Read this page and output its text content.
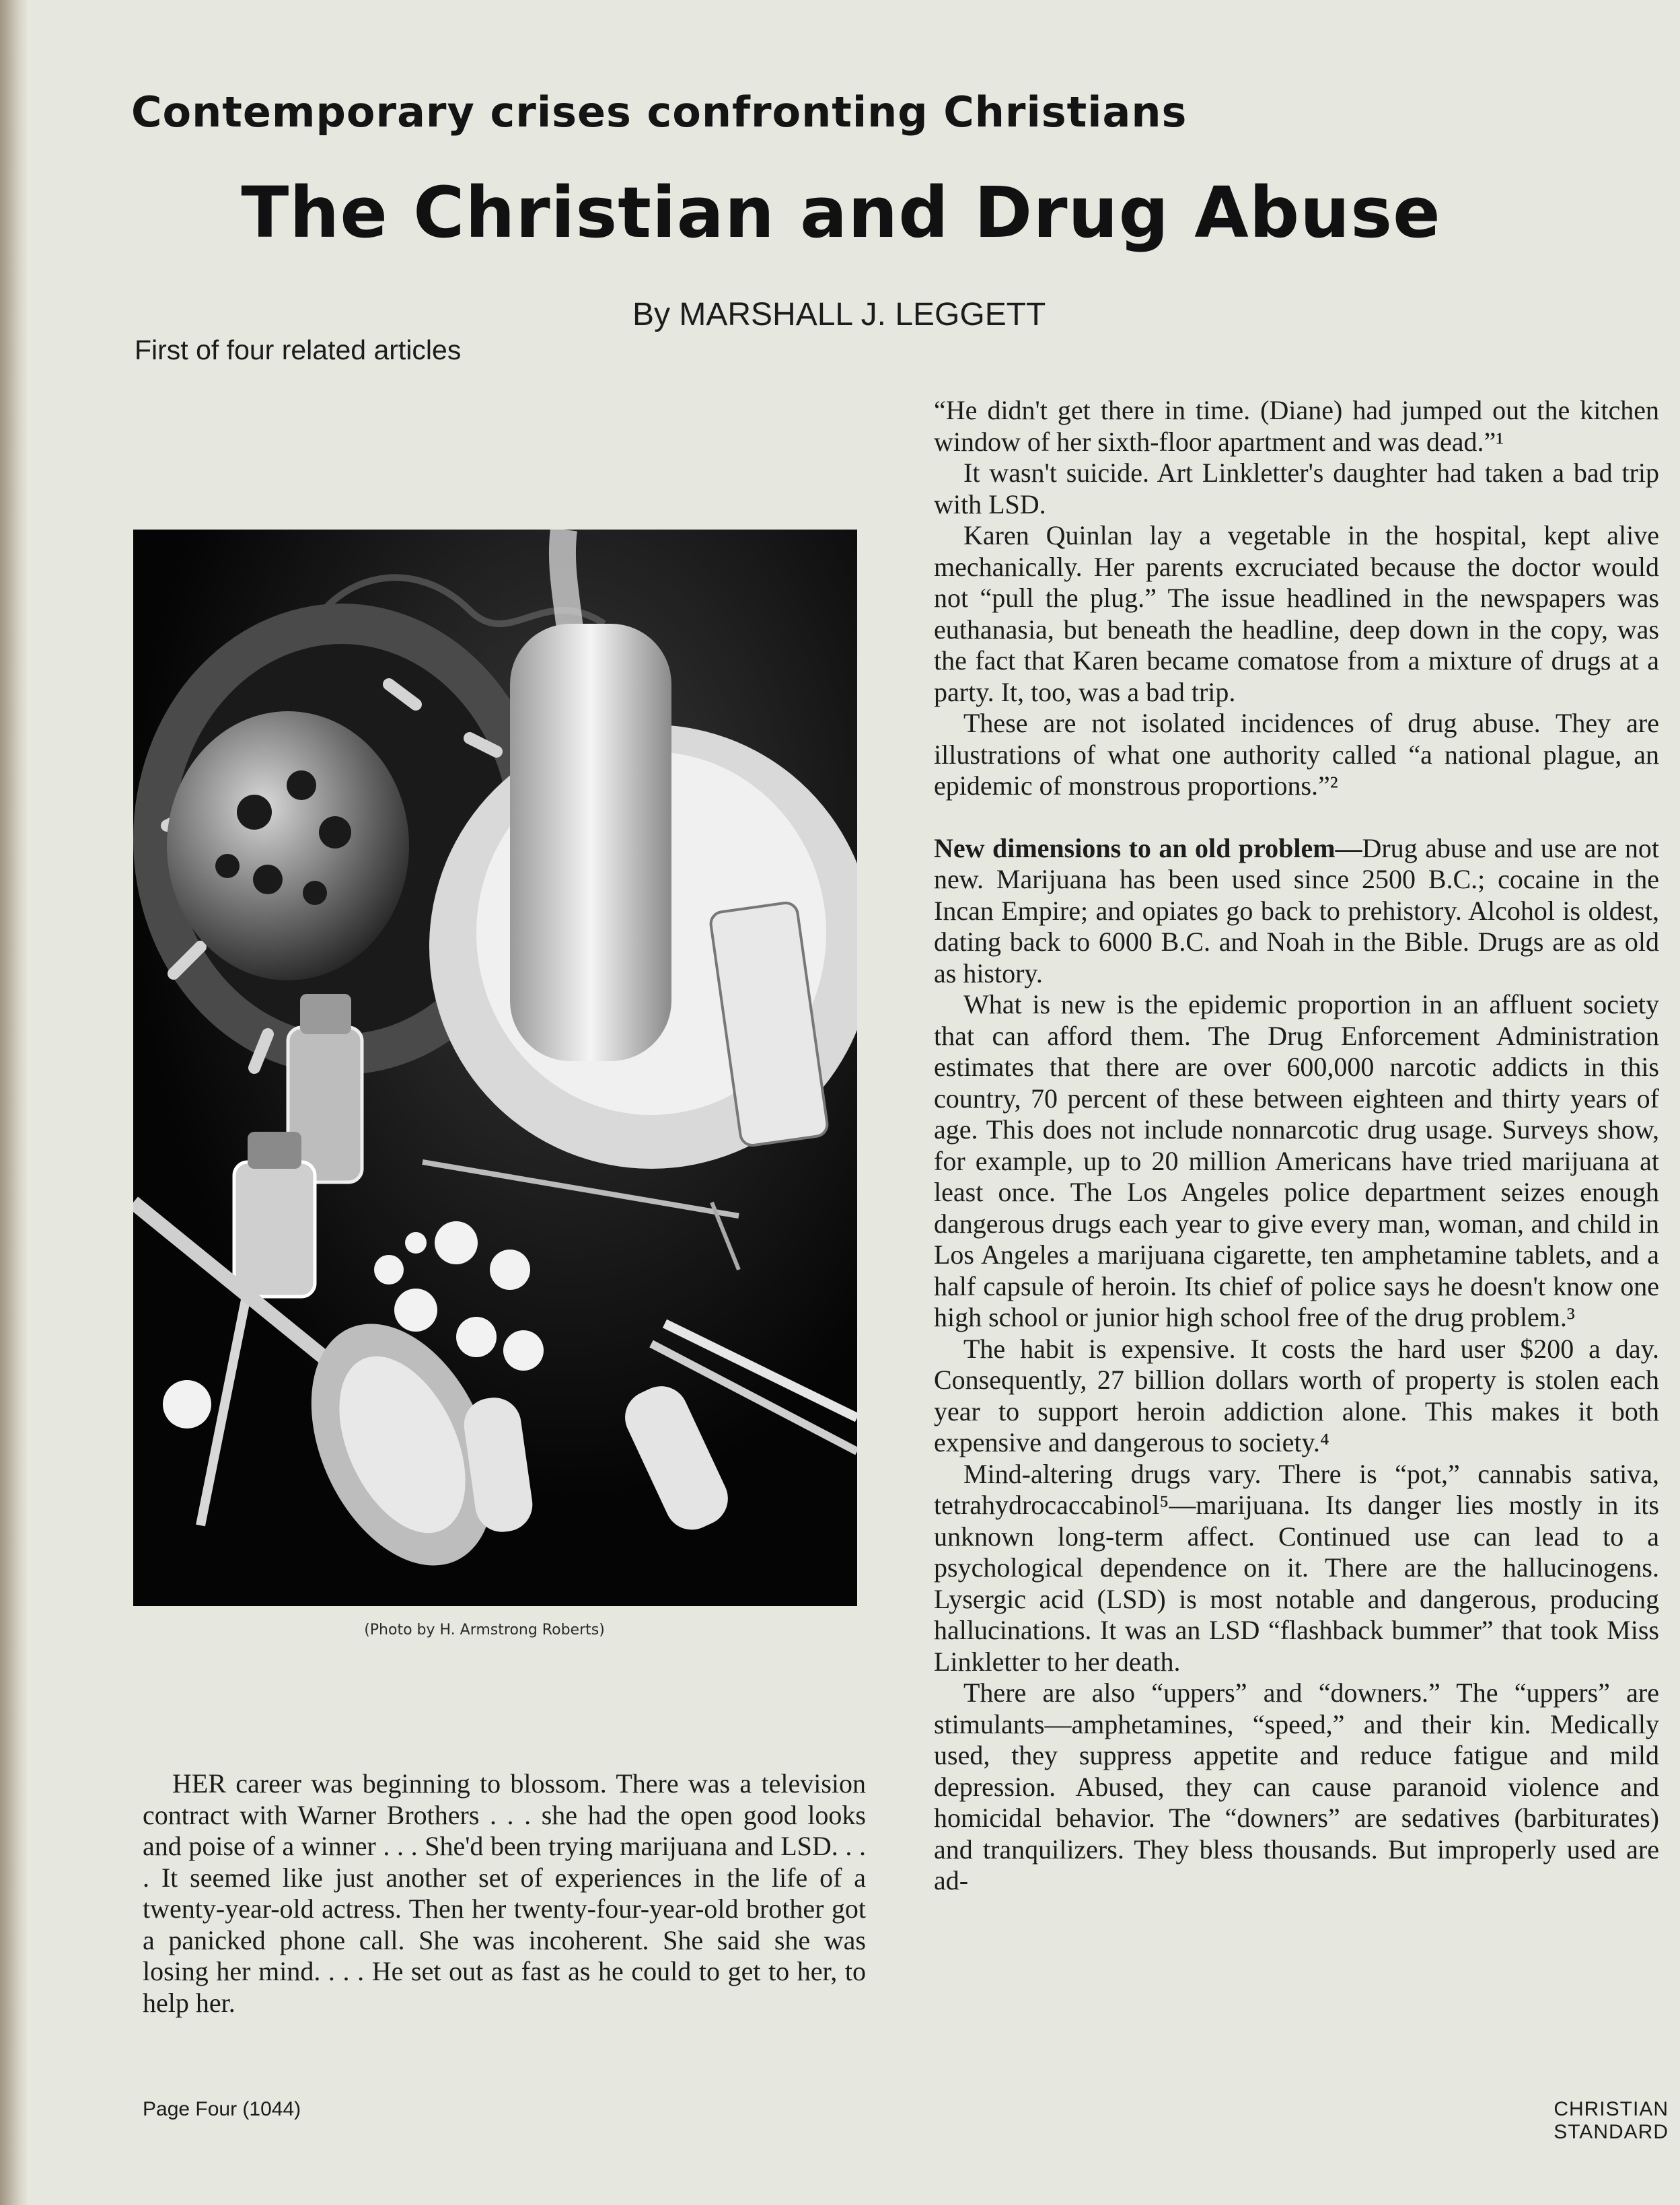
Contemporary crises confronting Christians
The Christian and Drug Abuse
By MARSHALL J. LEGGETT
First of four related articles
(Photo by H. Armstrong Roberts)

HER career was beginning to blossom. There was a television contract with Warner Brothers . . . she had the open good looks and poise of a winner . . . She'd been trying marijuana and LSD. . . . It seemed like just another set of experiences in the life of a twenty-year-old actress. Then her twenty-four-year-old brother got a panicked phone call. She was incoherent. She said she was losing her mind. . . . He set out as fast as he could to get to her, to help her.

“He didn't get there in time. (Diane) had jumped out the kitchen window of her sixth-floor apartment and was dead.”¹

It wasn't suicide. Art Linkletter's daughter had taken a bad trip with LSD.

Karen Quinlan lay a vegetable in the hospital, kept alive mechanically. Her parents excruciated because the doctor would not “pull the plug.” The issue headlined in the newspapers was euthanasia, but beneath the headline, deep down in the copy, was the fact that Karen became comatose from a mixture of drugs at a party. It, too, was a bad trip.

These are not isolated incidences of drug abuse. They are illustrations of what one authority called “a national plague, an epidemic of monstrous proportions.”²

New dimensions to an old problem—Drug abuse and use are not new. Marijuana has been used since 2500 B.C.; cocaine in the Incan Empire; and opiates go back to prehistory. Alcohol is oldest, dating back to 6000 B.C. and Noah in the Bible. Drugs are as old as history.

What is new is the epidemic proportion in an affluent society that can afford them. The Drug Enforcement Administration estimates that there are over 600,000 narcotic addicts in this country, 70 percent of these between eighteen and thirty years of age. This does not include nonnarcotic drug usage. Surveys show, for example, up to 20 million Americans have tried marijuana at least once. The Los Angeles police department seizes enough dangerous drugs each year to give every man, woman, and child in Los Angeles a marijuana cigarette, ten amphetamine tablets, and a half capsule of heroin. Its chief of police says he doesn't know one high school or junior high school free of the drug problem.³

The habit is expensive. It costs the hard user $200 a day. Consequently, 27 billion dollars worth of property is stolen each year to support heroin addiction alone. This makes it both expensive and dangerous to society.⁴

Mind-altering drugs vary. There is “pot,” cannabis sativa, tetrahydrocaccabinol⁵—marijuana. Its danger lies mostly in its unknown long-term affect. Continued use can lead to a psychological dependence on it. There are the hallucinogens. Lysergic acid (LSD) is most notable and dangerous, producing hallucinations. It was an LSD “flashback bummer” that took Miss Linkletter to her death.

There are also “uppers” and “downers.” The “uppers” are stimulants—amphetamines, “speed,” and their kin. Medically used, they suppress appetite and reduce fatigue and mild depression. Abused, they can cause paranoid violence and homicidal behavior. The “downers” are sedatives (barbiturates) and tranquilizers. They bless thousands. But improperly used are ad-

Page Four (1044)	CHRISTIAN STANDARD
